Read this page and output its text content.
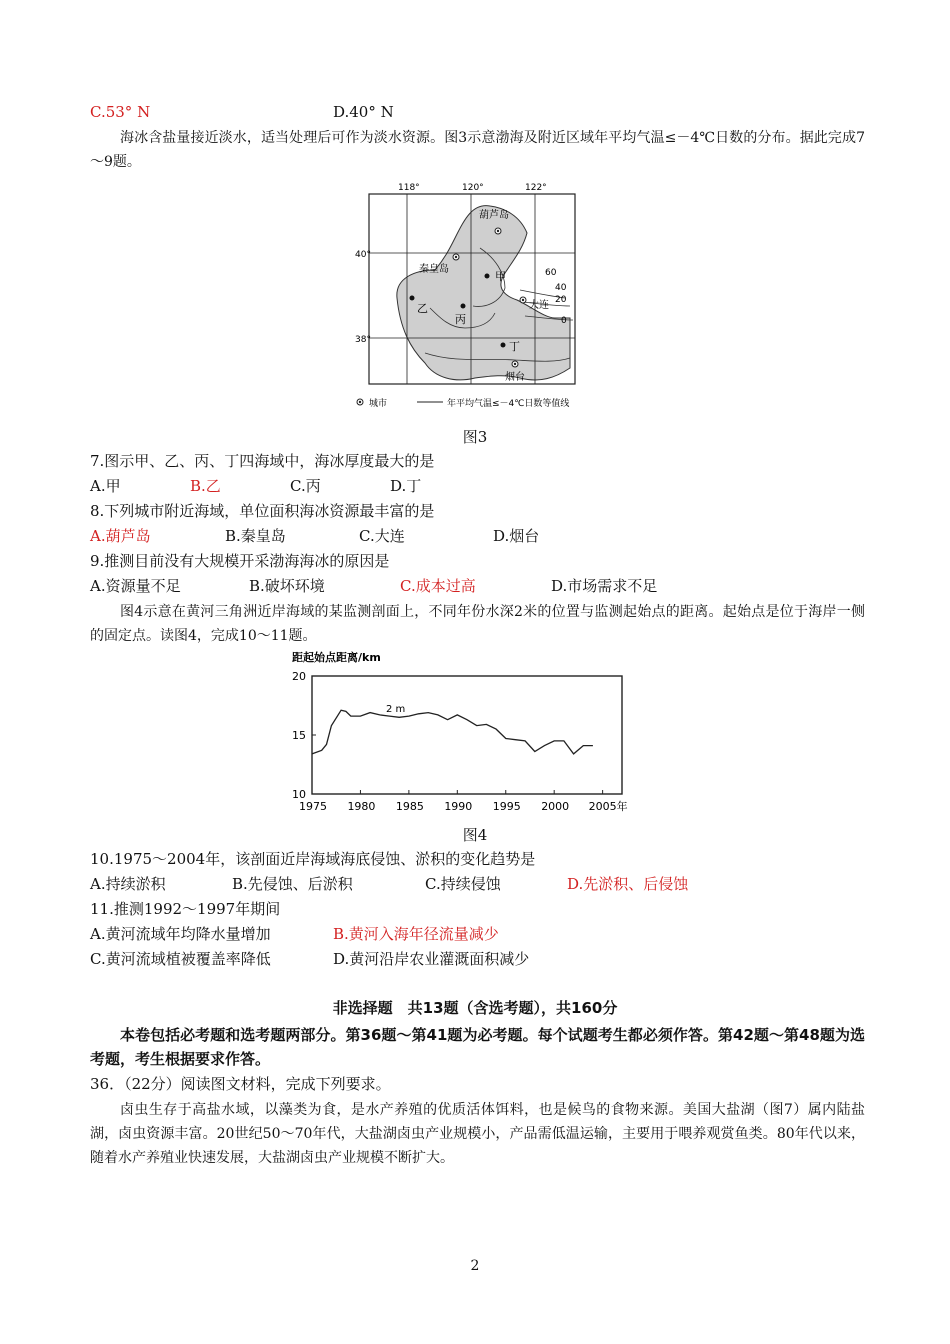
C.53° N	D.40° N
海冰含盐量接近淡水，适当处理后可作为淡水资源。图3示意渤海及附近区域年平均气温≤－4℃日数的分布。据此完成7～9题。
118°	120°	122°
40°
38°
葫芦岛
秦皇岛
大连
烟台
甲
乙
丙
丁
60
40
20
0
城市	年平均气温≤－4℃日数等值线
图3
7.图示甲、乙、丙、丁四海域中，海冰厚度最大的是
A.甲	B.乙	C.丙	D.丁
8.下列城市附近海域，单位面积海冰资源最丰富的是
A.葫芦岛	B.秦皇岛	C.大连	D.烟台
9.推测目前没有大规模开采渤海海冰的原因是
A.资源量不足	B.破坏环境	C.成本过高	D.市场需求不足
图4示意在黄河三角洲近岸海域的某监测剖面上，不同年份水深2米的位置与监测起始点的距离。起始点是位于海岸一侧的固定点。读图4，完成10～11题。
距起始点距离/km
10
15
20
1975 1980 1985 1990 1995 2000 2005年
2 m
图4
10.1975～2004年，该剖面近岸海域海底侵蚀、淤积的变化趋势是
A.持续淤积	B.先侵蚀、后淤积	C.持续侵蚀	D.先淤积、后侵蚀
11.推测1992～1997年期间
A.黄河流域年均降水量增加	B.黄河入海年径流量减少
C.黄河流域植被覆盖率降低	D.黄河沿岸农业灌溉面积减少
非选择题　共13题（含选考题），共160分
本卷包括必考题和选考题两部分。第36题～第41题为必考题。每个试题考生都必须作答。第42题～第48题为选考题，考生根据要求作答。
36．（22分）阅读图文材料，完成下列要求。
卤虫生存于高盐水域，以藻类为食，是水产养殖的优质活体饵料，也是候鸟的食物来源。美国大盐湖（图7）属内陆盐湖，卤虫资源丰富。20世纪50～70年代，大盐湖卤虫产业规模小，产品需低温运输，主要用于喂养观赏鱼类。80年代以来，随着水产养殖业快速发展，大盐湖卤虫产业规模不断扩大。
2
